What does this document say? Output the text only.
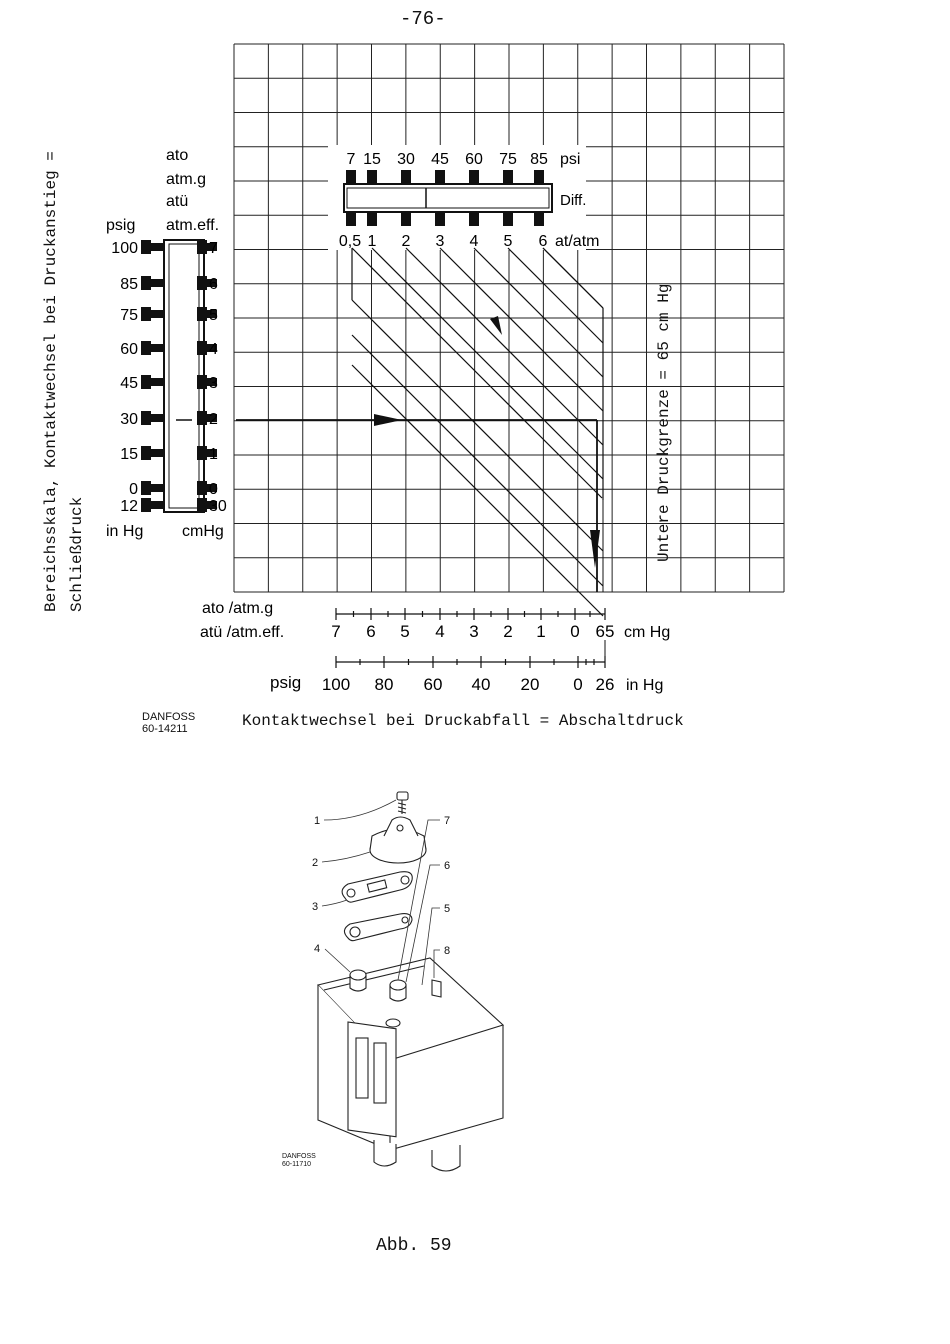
-76-
Bereichsskala, Kontaktwechsel bei Druckanstieg = Schließdruck	Untere Druckgrenze = 65 cm Hg
7 15 30 45 60 75 85 psi
Diff.
0,5 1 2 3 4 5 6 at/atm
ato
atm.g
atü
atm.eff.
psig
100
85
75
60
45
30
15
0
12
7
6
5
4
3
2
1
0
30
in Hg cmHg
ato /atm.g
atü /atm.eff.	7 6 5 4 3 2 1 0 65 cm Hg
psig 100 80 60 40 20 0 26 in Hg
1
2
3
4
5
6
7
8
Kontaktwechsel bei Druckabfall = Abschaltdruck
DANFOSS
60-14211
DANFOSS
60-11710
Abb. 59
